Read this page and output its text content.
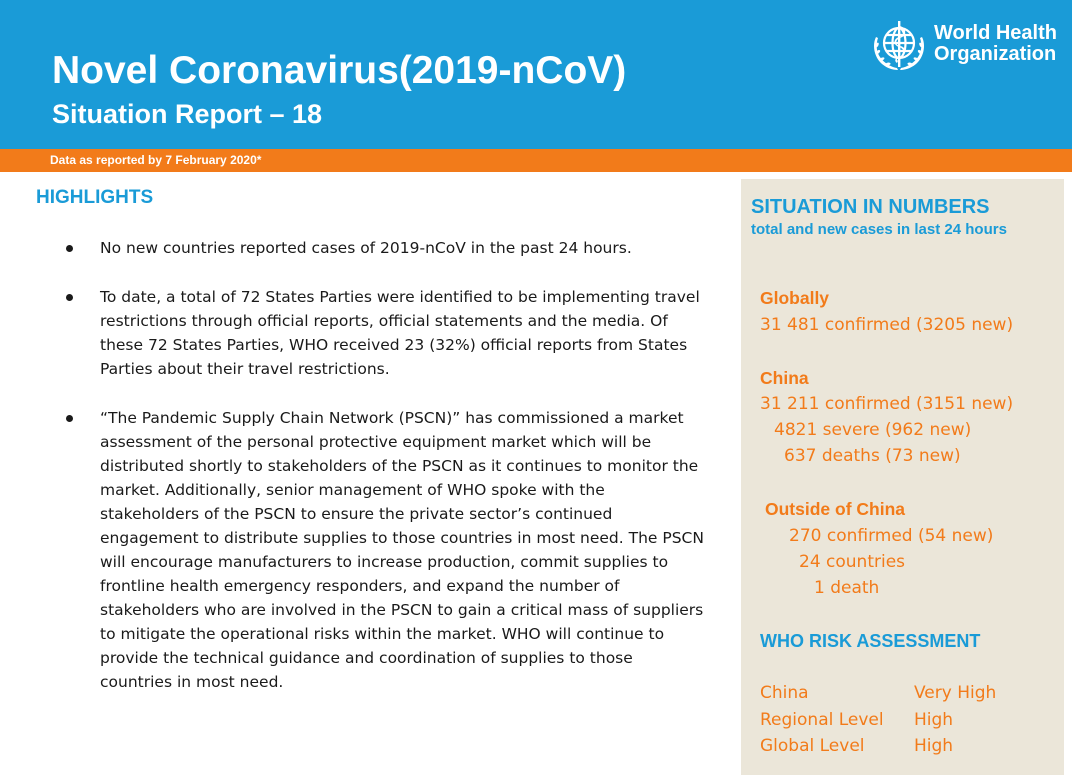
Novel Coronavirus(2019-nCoV)
Situation Report – 18
World Health
Organization
Data as reported by 7 February 2020*
HIGHLIGHTS
No new countries reported cases of 2019-nCoV in the past 24 hours.
To date, a total of 72 States Parties were identified to be implementing travel
restrictions through official reports, official statements and the media. Of
these 72 States Parties, WHO received 23 (32%) official reports from States
Parties about their travel restrictions.
“The Pandemic Supply Chain Network (PSCN)” has commissioned a market
assessment of the personal protective equipment market which will be
distributed shortly to stakeholders of the PSCN as it continues to monitor the
market. Additionally, senior management of WHO spoke with the
stakeholders of the PSCN to ensure the private sector’s continued
engagement to distribute supplies to those countries in most need. The PSCN
will encourage manufacturers to increase production, commit supplies to
frontline health emergency responders, and expand the number of
stakeholders who are involved in the PSCN to gain a critical mass of suppliers
to mitigate the operational risks within the market. WHO will continue to
provide the technical guidance and coordination of supplies to those
countries in most need.
SITUATION IN NUMBERS
total and new cases in last 24 hours
Globally
31 481 confirmed (3205 new)
China
31 211 confirmed (3151 new)
4821 severe (962 new)
637 deaths (73 new)
Outside of China
270 confirmed (54 new)
24 countries
1 death
WHO RISK ASSESSMENT
China	Very High
Regional Level High
Global Level	High
